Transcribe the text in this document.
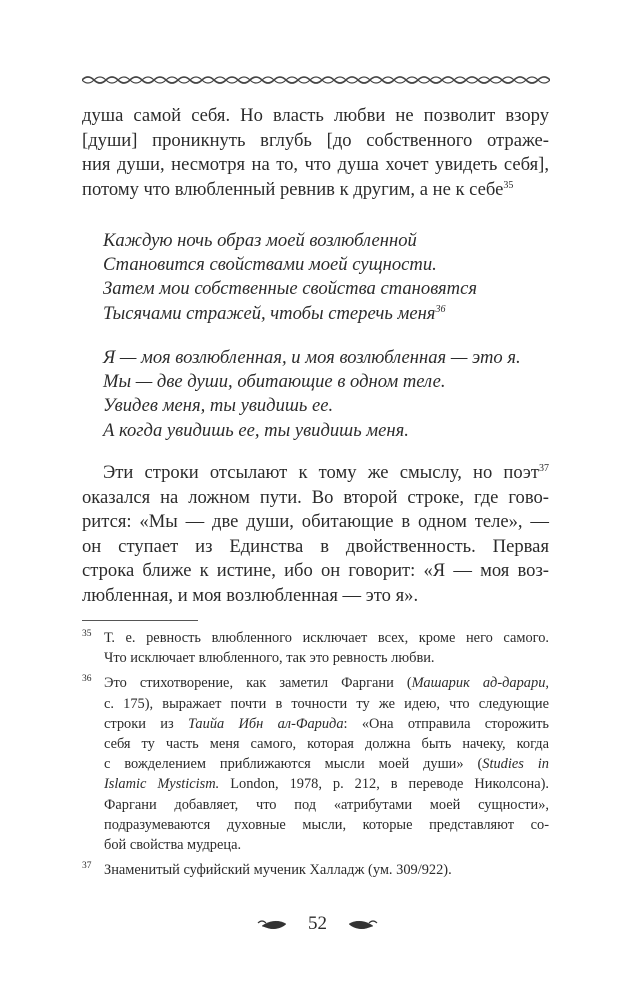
душа самой себя. Но власть любви не позволит взору
[души] проникнуть вглубь [до собственного отраже-
ния души, несмотря на то, что душа хочет увидеть себя],
потому что влюбленный ревнив к другим, а не к себе$^{35}$
Каждую ночь образ моей возлюбленной
Становится свойствами моей сущности.
Затем мои собственные свойства становятся
Тысячами стражей, чтобы стеречь меня$^{36}$
Я — моя возлюбленная, и моя возлюбленная — это я.
Мы — две души, обитающие в одном теле.
Увидев меня, ты увидишь ее.
А когда увидишь ее, ты увидишь меня.
Эти строки отсылают к тому же смыслу, но поэт$^{37}$
оказался на ложном пути. Во второй строке, где гово-
рится: «Мы — две души, обитающие в одном теле», —
он ступает из Единства в двойственность. Первая
строка ближе к истине, ибо он говорит: «Я — моя воз-
любленная, и моя возлюбленная — это я».
35 Т. е. ревность влюбленного исключает всех, кроме него самого.
Что исключает влюбленного, так это ревность любви.
36 Это стихотворение, как заметил Фаргани (Машарик ад-дарари,
с. 175), выражает почти в точности ту же идею, что следующие
строки из Таийа Ибн ал-Фарида: «Она отправила сторожить
себя ту часть меня самого, которая должна быть начеку, когда
с вожделением приближаются мысли моей души» (Studies in
Islamic Mysticism. London, 1978, p. 212, в переводе Николсона).
Фаргани добавляет, что под «атрибутами моей сущности»,
подразумеваются духовные мысли, которые представляют со-
бой свойства мудреца.
37 Знаменитый суфийский мученик Халладж (ум. 309/922).
52
